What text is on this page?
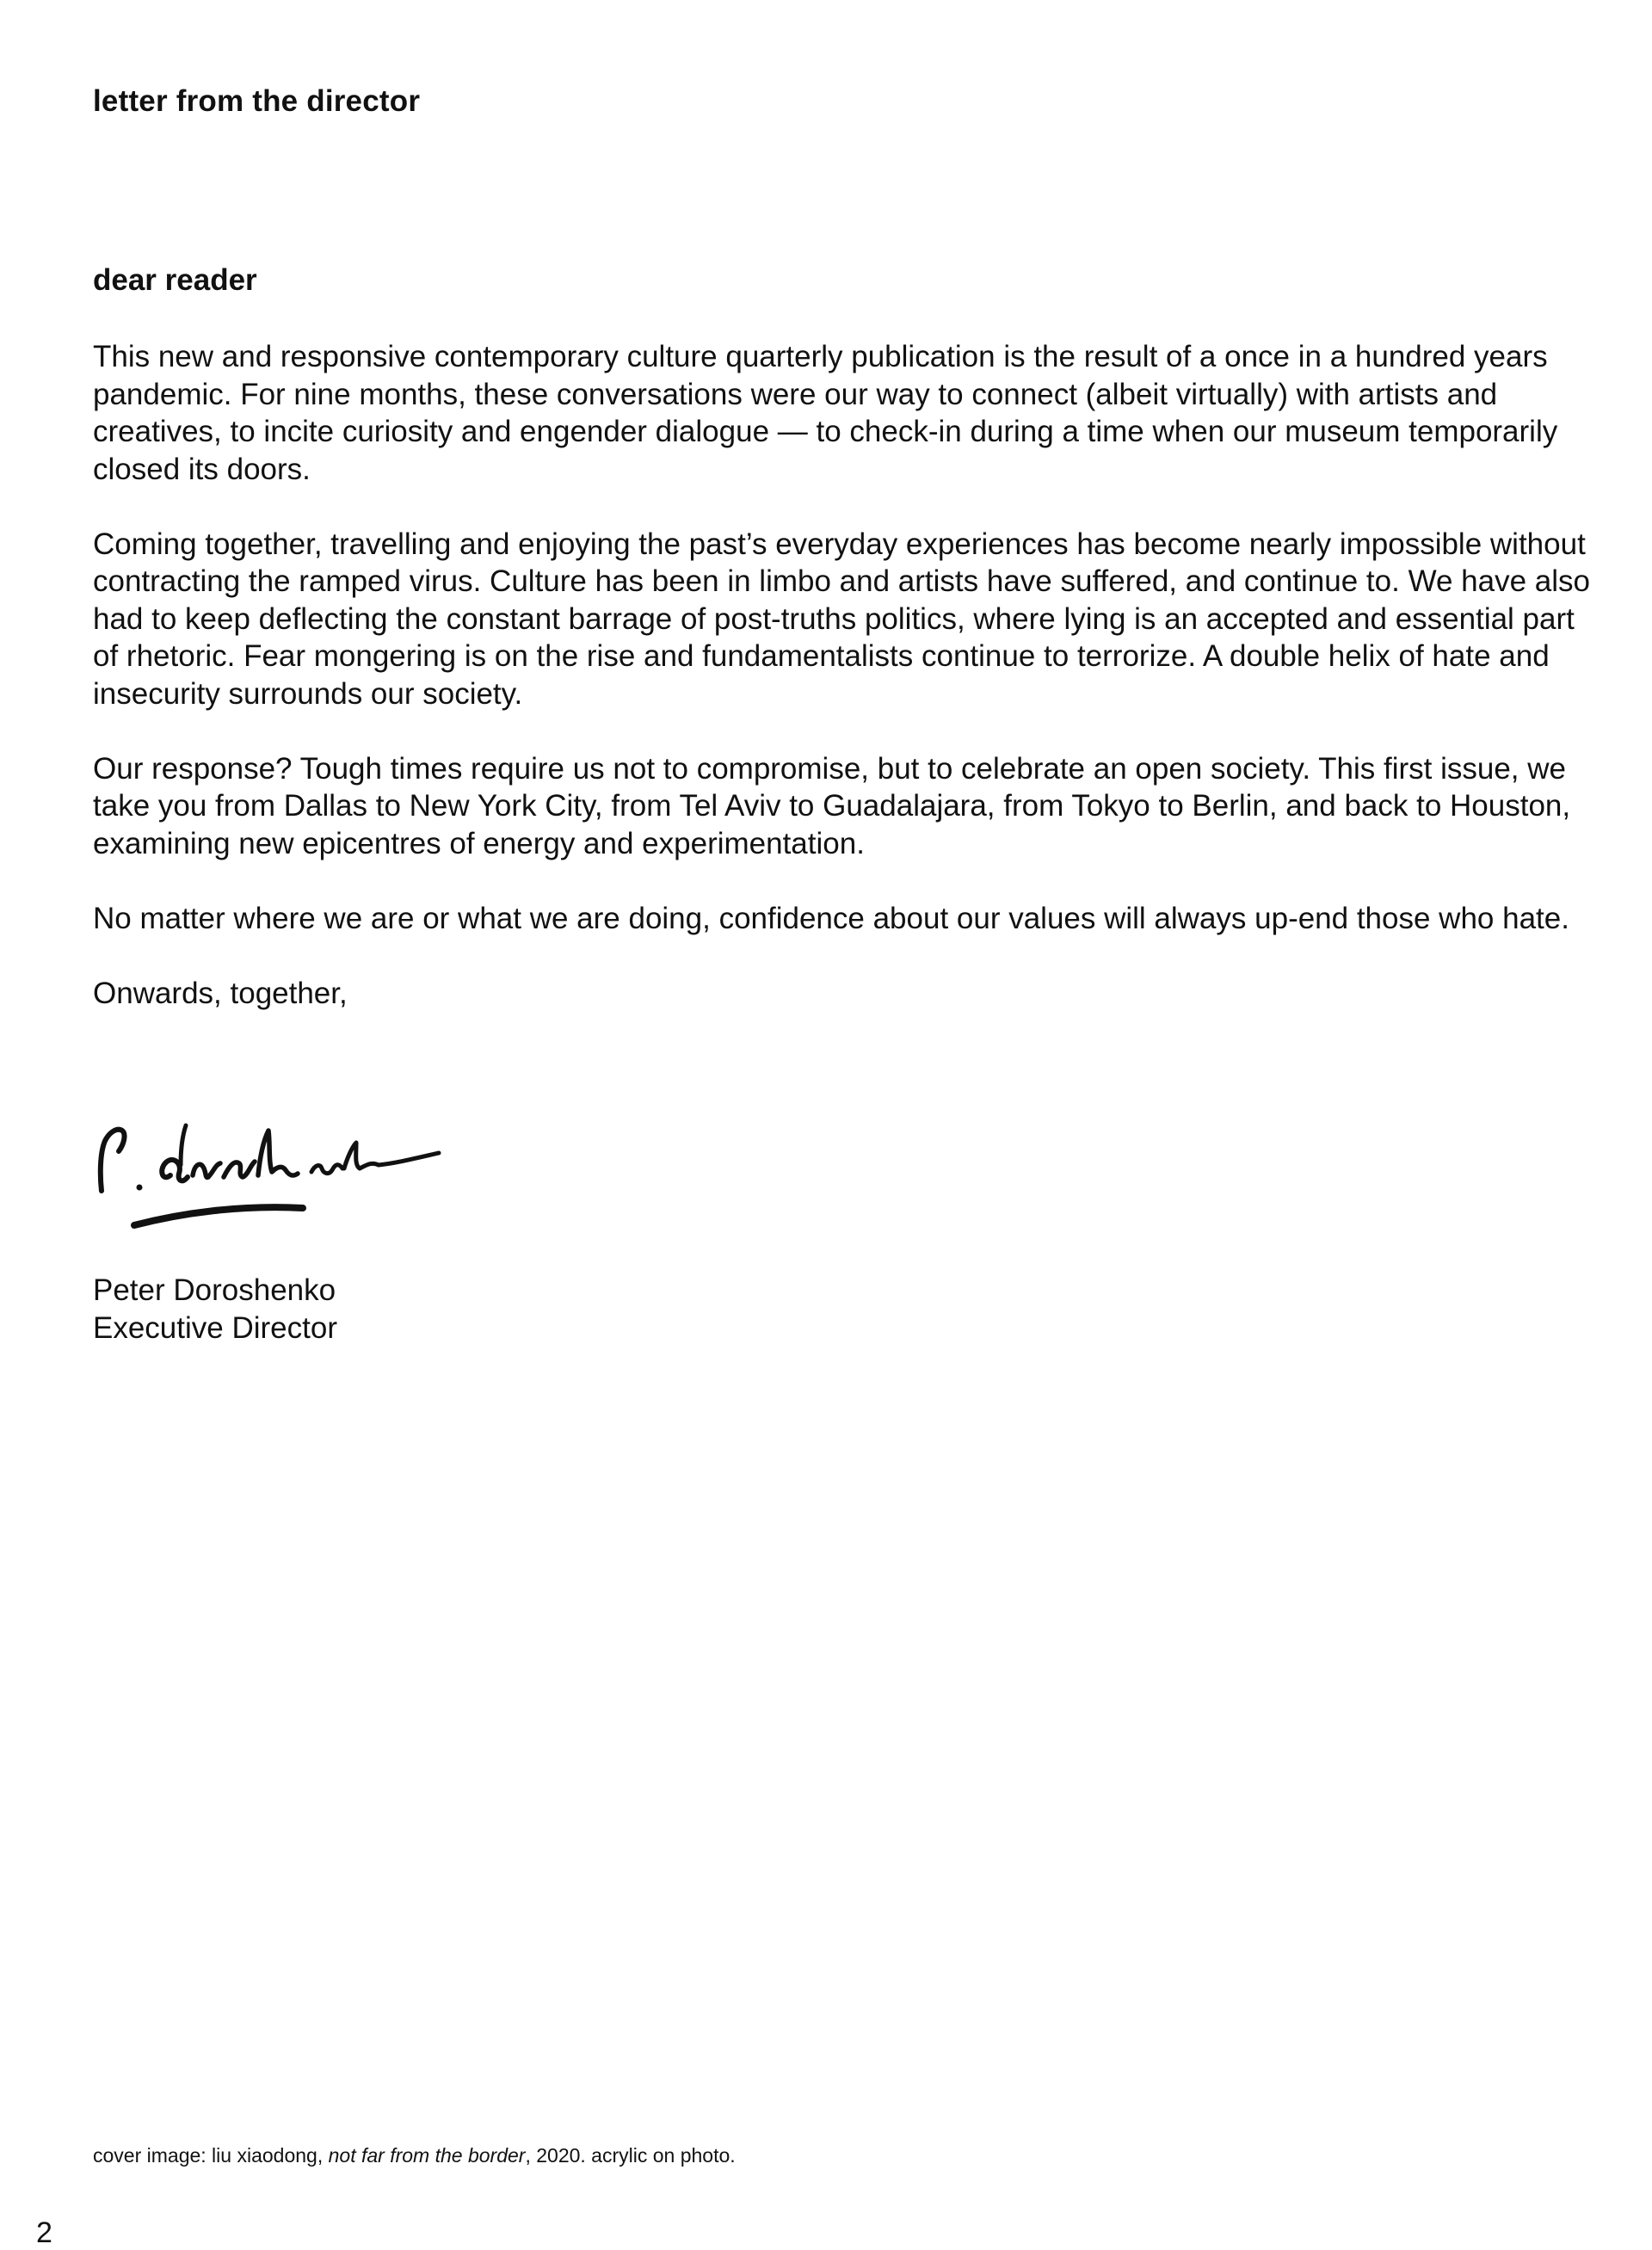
letter from the director
dear reader

This new and responsive contemporary culture quarterly publication is the result of a once in a hundred years pandemic. For nine months, these conversations were our way to connect (albeit virtually) with artists and creatives, to incite curiosity and engender dialogue — to check-in during a time when our museum temporarily closed its doors.

Coming together, travelling and enjoying the past’s everyday experiences has become nearly impossible without contracting the ramped virus. Culture has been in limbo and artists have suffered, and continue to. We have also had to keep deflecting the constant barrage of post-truths politics, where lying is an accepted and essential part of rhetoric. Fear mongering is on the rise and fundamentalists continue to terrorize. A double helix of hate and insecurity surrounds our society.

Our response? Tough times require us not to compromise, but to celebrate an open society. This first issue, we take you from Dallas to New York City, from Tel Aviv to Guadalajara, from Tokyo to Berlin, and back to Houston, examining new epicentres of energy and experimentation.

No matter where we are or what we are doing, confidence about our values will always up-end those who hate.

Onwards, together,

Peter Doroshenko
Executive Director

cover image: liu xiaodong, not far from the border, 2020. acrylic on photo.

2
